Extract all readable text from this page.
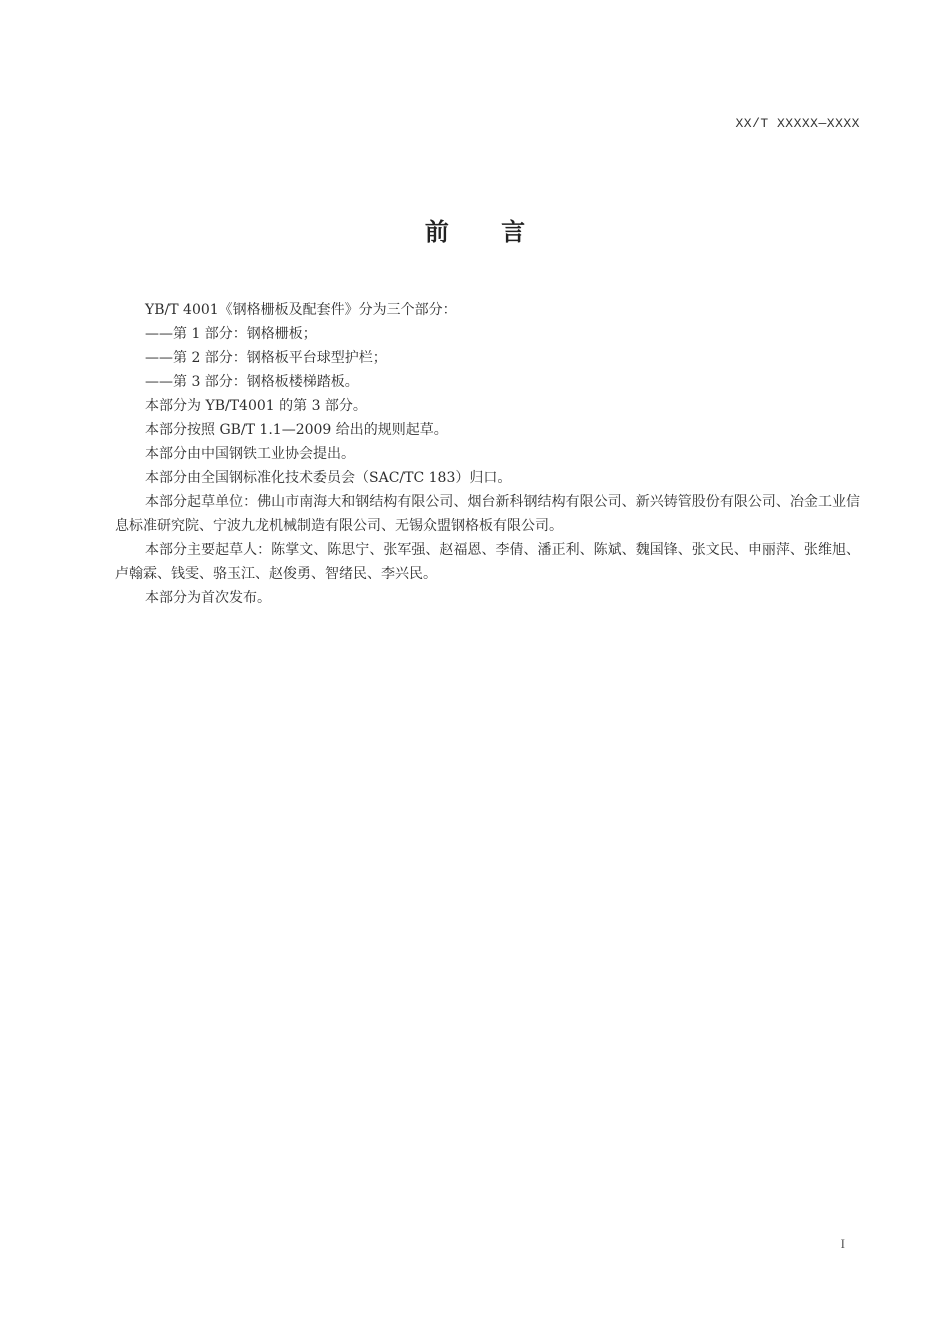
XX/T XXXXX—XXXX
前 言

YB/T 4001《钢格栅板及配套件》分为三个部分：

——第 1 部分：钢格栅板；

——第 2 部分：钢格板平台球型护栏；

——第 3 部分：钢格板楼梯踏板。

本部分为 YB/T4001 的第 3 部分。

本部分按照 GB/T 1.1—2009 给出的规则起草。

本部分由中国钢铁工业协会提出。

本部分由全国钢标准化技术委员会（SAC/TC 183）归口。

本部分起草单位：佛山市南海大和钢结构有限公司、烟台新科钢结构有限公司、新兴铸管股份有限公司、冶金工业信息标准研究院、宁波九龙机械制造有限公司、无锡众盟钢格板有限公司。

本部分主要起草人：陈掌文、陈思宁、张军强、赵福恩、李倩、潘正利、陈斌、魏国锋、张文民、申丽萍、张维旭、卢翰霖、钱雯、骆玉江、赵俊勇、智绪民、李兴民。

本部分为首次发布。

I
